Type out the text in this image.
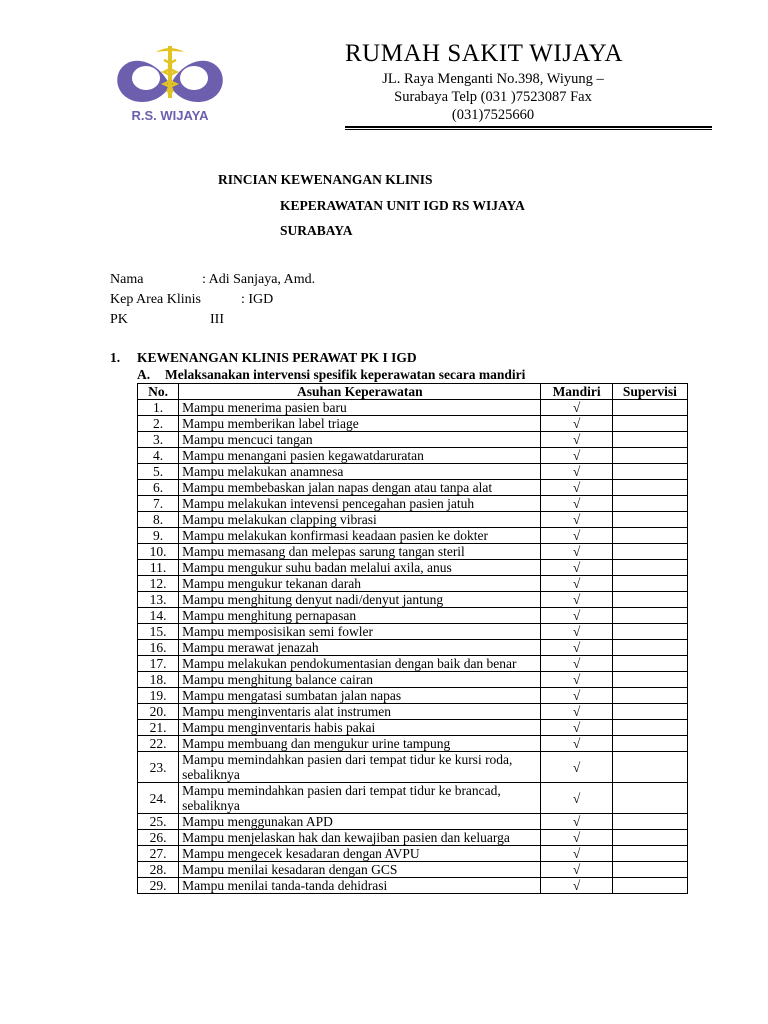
R.S. WIJAYA
RUMAH SAKIT WIJAYA
JL. Raya Menganti No.398, Wiyung –
Surabaya Telp (031 )7523087 Fax
(031)7525660
RINCIAN KEWENANGAN KLINIS
KEPERAWATAN UNIT IGD RS WIJAYA
SURABAYA
Nama	: Adi Sanjaya, Amd.
Kep Area Klinis	: IGD
PK	III
1. KEWENANGAN KLINIS PERAWAT PK I IGD
A. Melaksanakan intervensi spesifik keperawatan secara mandiri
No.	Asuhan Keperawatan	Mandiri	Supervisi
1.	Mampu menerima pasien baru	√	
2.	Mampu memberikan label triage	√	
3.	Mampu mencuci tangan	√	
4.	Mampu menangani pasien kegawatdaruratan	√	
5.	Mampu melakukan anamnesa	√	
6.	Mampu membebaskan jalan napas dengan atau tanpa alat	√	
7.	Mampu melakukan intevensi pencegahan pasien jatuh	√	
8.	Mampu melakukan clapping vibrasi	√	
9.	Mampu melakukan konfirmasi keadaan pasien ke dokter	√	
10.	Mampu memasang dan melepas sarung tangan steril	√	
11.	Mampu mengukur suhu badan melalui axila, anus	√	
12.	Mampu mengukur tekanan darah	√	
13.	Mampu menghitung denyut nadi/denyut jantung	√	
14.	Mampu menghitung pernapasan	√	
15.	Mampu memposisikan semi fowler	√	
16.	Mampu merawat jenazah	√	
17.	Mampu melakukan pendokumentasian dengan baik dan benar	√	
18.	Mampu menghitung balance cairan	√	
19.	Mampu mengatasi sumbatan jalan napas	√	
20.	Mampu menginventaris alat instrumen	√	
21.	Mampu menginventaris habis pakai	√	
22.	Mampu membuang dan mengukur urine tampung	√	
23.	Mampu memindahkan pasien dari tempat tidur ke kursi roda, sebaliknya	√	
24.	Mampu memindahkan pasien dari tempat tidur ke brancad, sebaliknya	√	
25.	Mampu menggunakan APD	√	
26.	Mampu menjelaskan hak dan kewajiban pasien dan keluarga	√	
27.	Mampu mengecek kesadaran dengan AVPU	√	
28.	Mampu menilai kesadaran dengan GCS	√	
29.	Mampu menilai tanda-tanda dehidrasi	√	
